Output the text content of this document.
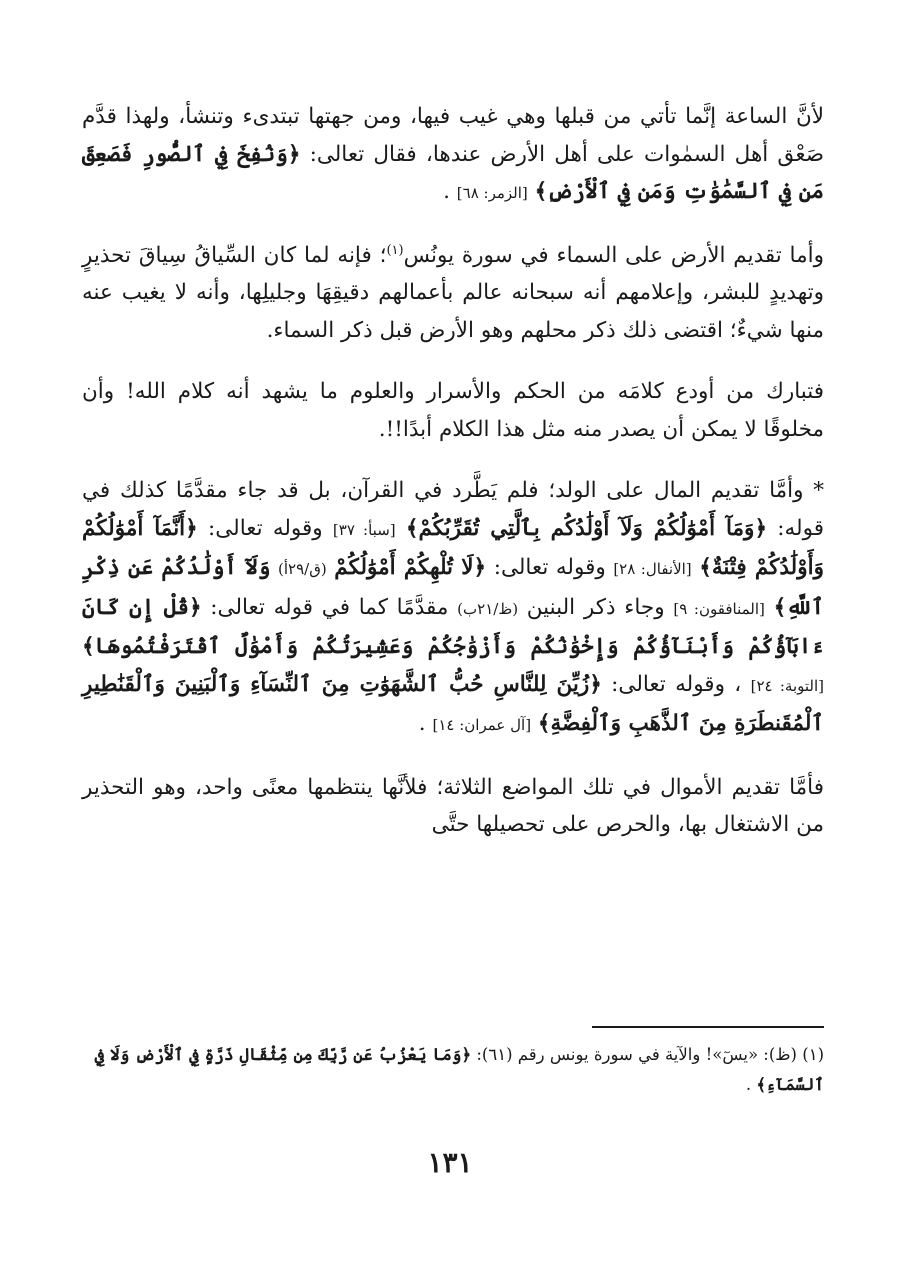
لأنَّ الساعة إنَّما تأتي من قبلها وهي غيب فيها، ومن جهتها تبتدىء وتنشأ، ولهذا قدَّم صَعْق أهل السمٰوات على أهل الأرض عندها، فقال تعالى: ﴿وَنُفِخَ فِي ٱلصُّورِ فَصَعِقَ مَن فِي ٱلسَّمَٰوَٰتِ وَمَن فِي ٱلْأَرْضِ﴾ [الزمر: ٦٨] .

وأما تقديم الأرض على السماء في سورة يونُس$^{(١)}$؛ فإنه لما كان السِّياقُ سِياقَ تحذيرٍ وتهديدٍ للبشر، وإعلامهم أنه سبحانه عالم بأعمالهم دقيقِهَا وجليلِها، وأنه لا يغيب عنه منها شيءٌ؛ اقتضى ذلك ذكر محلهم وهو الأرض قبل ذكر السماء.

فتبارك من أودع كلامَه من الحكم والأسرار والعلوم ما يشهد أنه كلام الله! وأن مخلوقًا لا يمكن أن يصدر منه مثل هذا الكلام أبدًا!!.

* وأمَّا تقديم المال على الولد؛ فلم يَطَّرد في القرآن، بل قد جاء مقدَّمًا كذلك في قوله: ﴿وَمَآ أَمْوَٰلُكُمْ وَلَآ أَوْلَٰدُكُم بِٱلَّتِي تُقَرِّبُكُمْ﴾ [سبأ: ٣٧] وقوله تعالى: ﴿أَنَّمَآ أَمْوَٰلُكُمْ وَأَوْلَٰدُكُمْ فِتْنَةٌ﴾ [الأنفال: ٢٨] وقوله تعالى: ﴿لَا تُلْهِكُمْ أَمْوَٰلُكُمْ (ق/٢٩أ) وَلَآ أَوْلَٰدُكُمْ عَن ذِكْرِ ٱللَّهِ﴾ [المنافقون: ٩] وجاء ذكر البنين (ظ/٢١ب) مقدَّمًا كما في قوله تعالى: ﴿قُلْ إِن كَانَ ءَابَآؤُكُمْ وَأَبْنَآؤُكُمْ وَإِخْوَٰنُكُمْ وَأَزْوَٰجُكُمْ وَعَشِيرَتُكُمْ وَأَمْوَٰلٌ ٱقْتَرَفْتُمُوهَا﴾ [التوبة: ٢٤] ، وقوله تعالى: ﴿زُيِّنَ لِلنَّاسِ حُبُّ ٱلشَّهَوَٰتِ مِنَ ٱلنِّسَآءِ وَٱلْبَنِينَ وَٱلْقَنَٰطِيرِ ٱلْمُقَنطَرَةِ مِنَ ٱلذَّهَبِ وَٱلْفِضَّةِ﴾ [آل عمران: ١٤] .

فأمَّا تقديم الأموال في تلك المواضع الثلاثة؛ فلأنَّها ينتظمها معنًى واحد، وهو التحذير من الاشتغال بها، والحرص على تحصيلها حتَّى

(١) (ظ): «يسٓ»! والآية في سورة يونس رقم (٦١): ﴿وَمَا يَعْزُبُ عَن رَّبِّكَ مِن مِّثْقَالِ ذَرَّةٍ فِي ٱلْأَرْضِ وَلَا فِي ٱلسَّمَآءِ﴾ .
١٣١
